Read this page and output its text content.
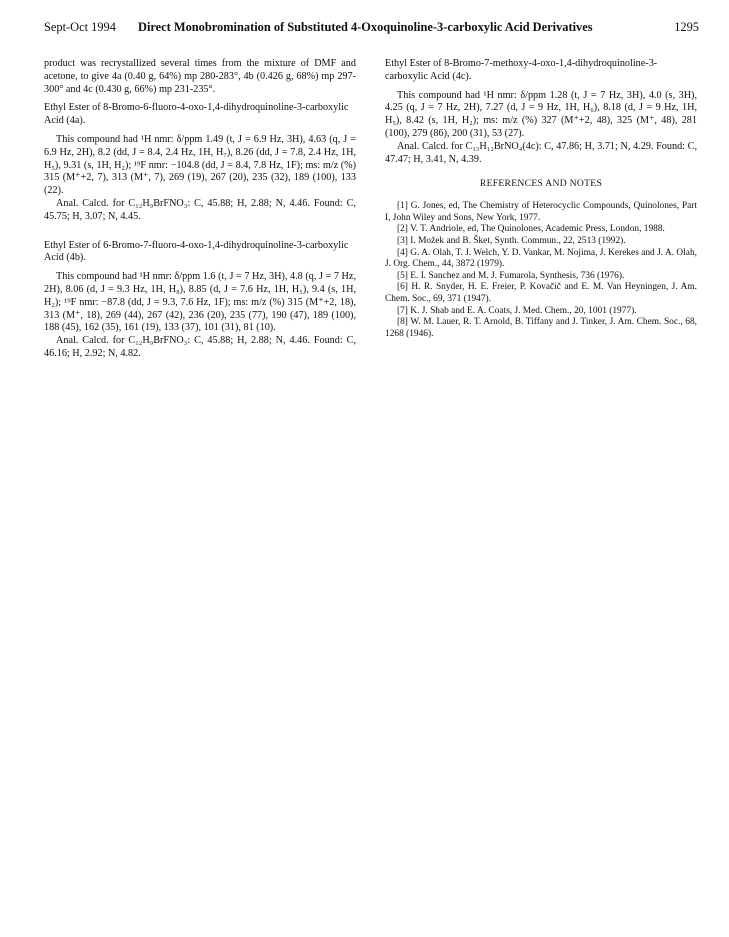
Sept-Oct 1994 Direct Monobromination of Substituted 4-Oxoquinoline-3-carboxylic Acid Derivatives	1295

product was recrystallized several times from the mixture of DMF and acetone, to give 4a (0.40 g, 64%) mp 280-283°, 4b (0.426 g, 68%) mp 297-300° and 4c (0.430 g, 66%) mp 231-235°.

Ethyl Ester of 8-Bromo-6-fluoro-4-oxo-1,4-dihydroquinoline-3-carboxylic Acid (4a).

This compound had ¹H nmr: δ/ppm 1.49 (t, J = 6.9 Hz, 3H), 4.63 (q, J = 6.9 Hz, 2H), 8.2 (dd, J = 8.4, 2.4 Hz, 1H, H₇), 8.26 (dd, J = 7.8, 2.4 Hz, 1H, H₅), 9.31 (s, 1H, H₂); ¹⁹F nmr: −104.8 (dd, J = 8.4, 7.8 Hz, 1F); ms: m/z (%) 315 (M⁺+2, 7), 313 (M⁺, 7), 269 (19), 267 (20), 235 (32), 189 (100), 133 (22).

Anal. Calcd. for C₁₂H₉BrFNO₃: C, 45.88; H, 2.88; N, 4.46. Found: C, 45.75; H, 3.07; N, 4.45.

Ethyl Ester of 6-Bromo-7-fluoro-4-oxo-1,4-dihydroquinoline-3-carboxylic Acid (4b).

This compound had ¹H nmr: δ/ppm 1.6 (t, J = 7 Hz, 3H), 4.8 (q, J = 7 Hz, 2H), 8.06 (d, J = 9.3 Hz, 1H, H₈), 8.85 (d, J = 7.6 Hz, 1H, H₅), 9.4 (s, 1H, H₂); ¹⁹F nmr: −87.8 (dd, J = 9.3, 7.6 Hz, 1F); ms: m/z (%) 315 (M⁺+2, 18), 313 (M⁺, 18), 269 (44), 267 (42), 236 (20), 235 (77), 190 (47), 189 (100), 188 (45), 162 (35), 161 (19), 133 (37), 101 (31), 81 (10).

Anal. Calcd. for C₁₂H₉BrFNO₃: C, 45.88; H, 2.88; N, 4.46. Found: C, 46.16; H, 2.92; N, 4.82.

Ethyl Ester of 8-Bromo-7-methoxy-4-oxo-1,4-dihydroquinoline-3-carboxylic Acid (4c).

This compound had ¹H nmr: δ/ppm 1.28 (t, J = 7 Hz, 3H), 4.0 (s, 3H), 4.25 (q, J = 7 Hz, 2H), 7.27 (d, J = 9 Hz, 1H, H₆), 8.18 (d, J = 9 Hz, 1H, H₅), 8.42 (s, 1H, H₂); ms: m/z (%) 327 (M⁺+2, 48), 325 (M⁺, 48), 281 (100), 279 (86), 200 (31), 53 (27).

Anal. Calcd. for C₁₃H₁₂BrNO₄(4c): C, 47.86; H, 3.71; N, 4.29. Found: C, 47.47; H, 3.41, N, 4.39.

REFERENCES AND NOTES

[1] G. Jones, ed, The Chemistry of Heterocyclic Compounds, Quinolones, Part I, John Wiley and Sons, New York, 1977.

[2] V. T. Andriole, ed, The Quinolones, Academic Press, London, 1988.

[3] I. Možek and B. Šket, Synth. Commun., 22, 2513 (1992).

[4] G. A. Olah, T. J. Welch, Y. D. Vankar, M. Nojima, J. Kerekes and J. A. Olah, J. Org. Chem., 44, 3872 (1979).

[5] E. I. Sanchez and M. J. Fumarola, Synthesis, 736 (1976).

[6] H. R. Snyder, H. E. Freier, P. Kovačič and E. M. Van Heyningen, J. Am. Chem. Soc., 69, 371 (1947).

[7] K. J. Shab and E. A. Coats, J. Med. Chem., 20, 1001 (1977).

[8] W. M. Lauer, R. T. Arnold, B. Tiffany and J. Tinker, J. Am. Chem. Soc., 68, 1268 (1946).
